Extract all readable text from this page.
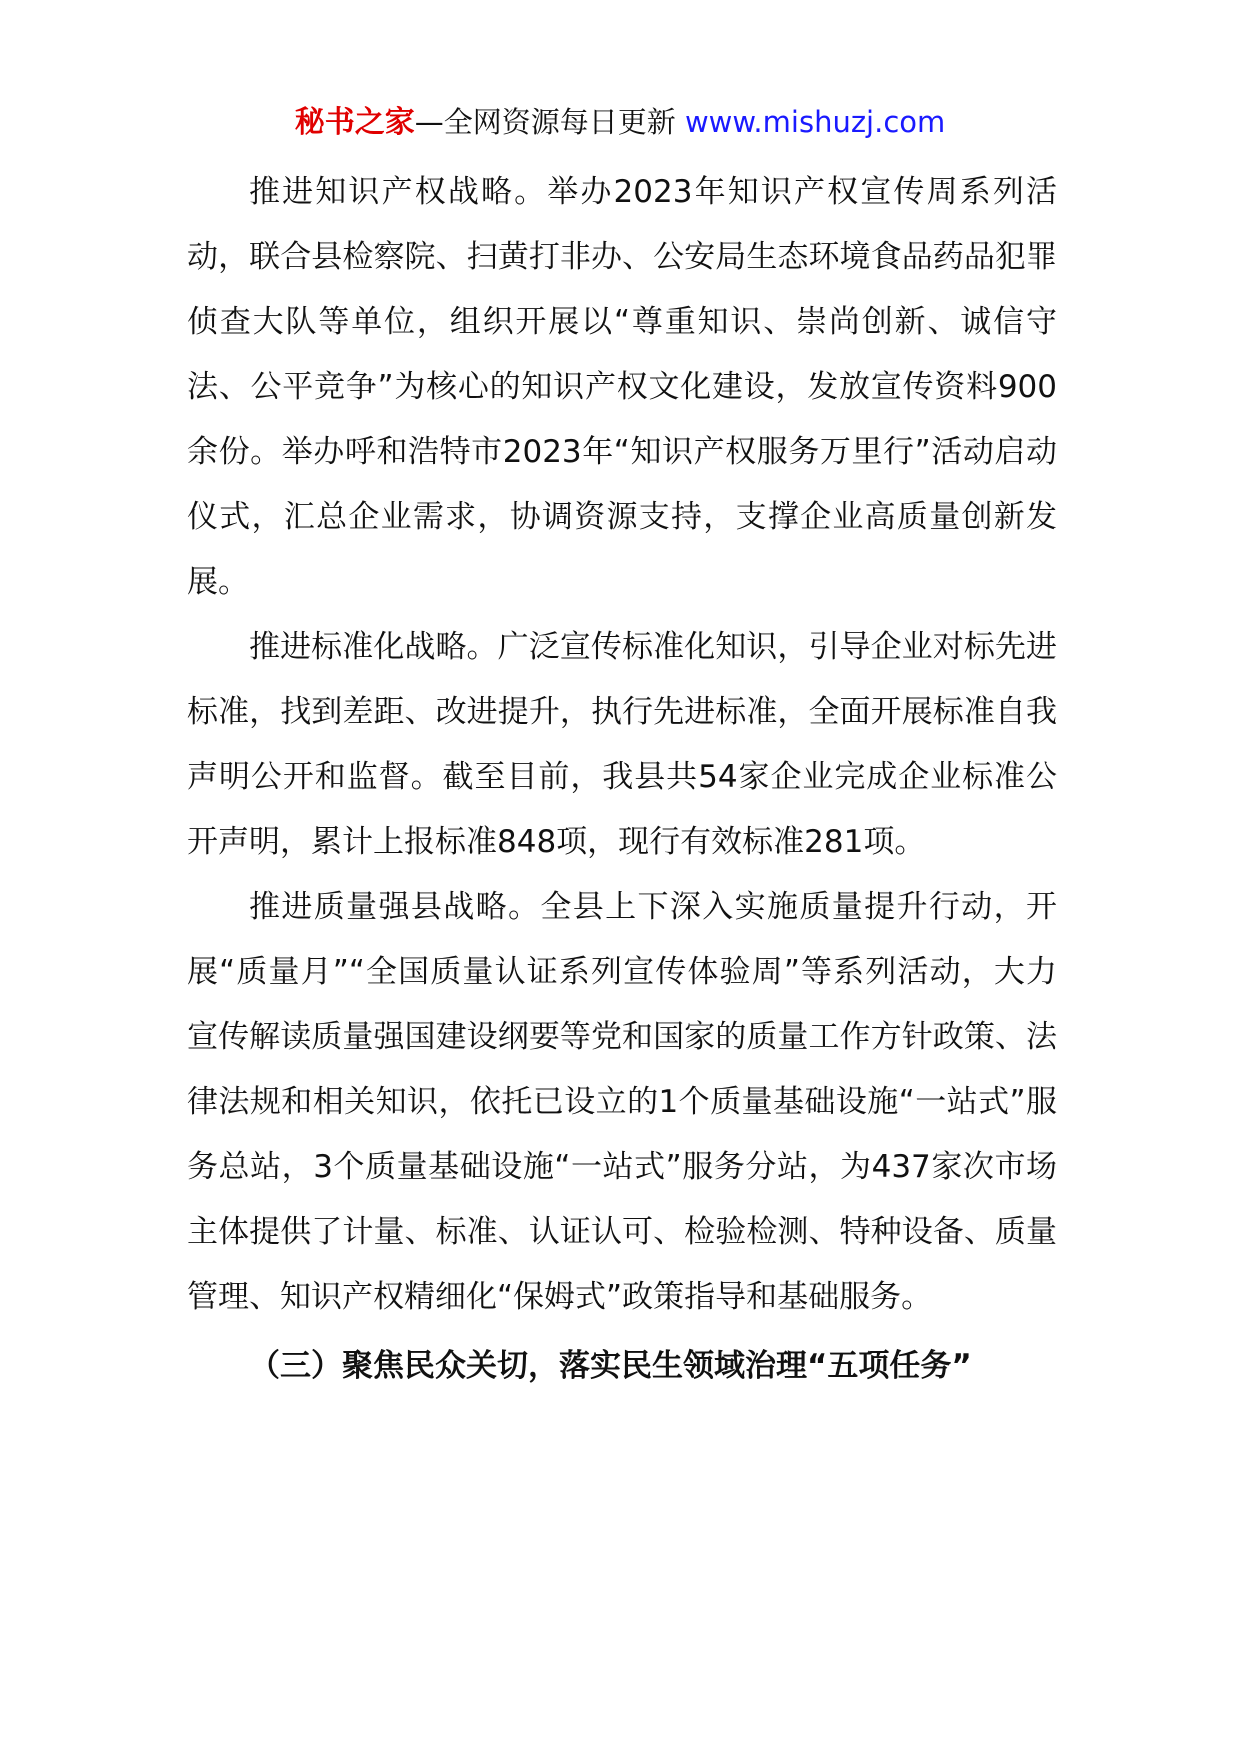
秘书之家—全网资源每日更新 www.mishuzj.com

推进知识产权战略。举办2023年知识产权宣传周系列活动，联合县检察院、扫黄打非办、公安局生态环境食品药品犯罪侦查大队等单位，组织开展以“尊重知识、崇尚创新、诚信守法、公平竞争”为核心的知识产权文化建设，发放宣传资料900余份。举办呼和浩特市2023年“知识产权服务万里行”活动启动仪式，汇总企业需求，协调资源支持，支撑企业高质量创新发展。

推进标准化战略。广泛宣传标准化知识，引导企业对标先进标准，找到差距、改进提升，执行先进标准，全面开展标准自我声明公开和监督。截至目前，我县共54家企业完成企业标准公开声明，累计上报标准848项，现行有效标准281项。

推进质量强县战略。全县上下深入实施质量提升行动，开展“质量月”“全国质量认证系列宣传体验周”等系列活动，大力宣传解读质量强国建设纲要等党和国家的质量工作方针政策、法律法规和相关知识，依托已设立的1个质量基础设施“一站式”服务总站，3个质量基础设施“一站式”服务分站，为437家次市场主体提供了计量、标准、认证认可、检验检测、特种设备、质量管理、知识产权精细化“保姆式”政策指导和基础服务。

（三）聚焦民众关切，落实民生领域治理“五项任务”
